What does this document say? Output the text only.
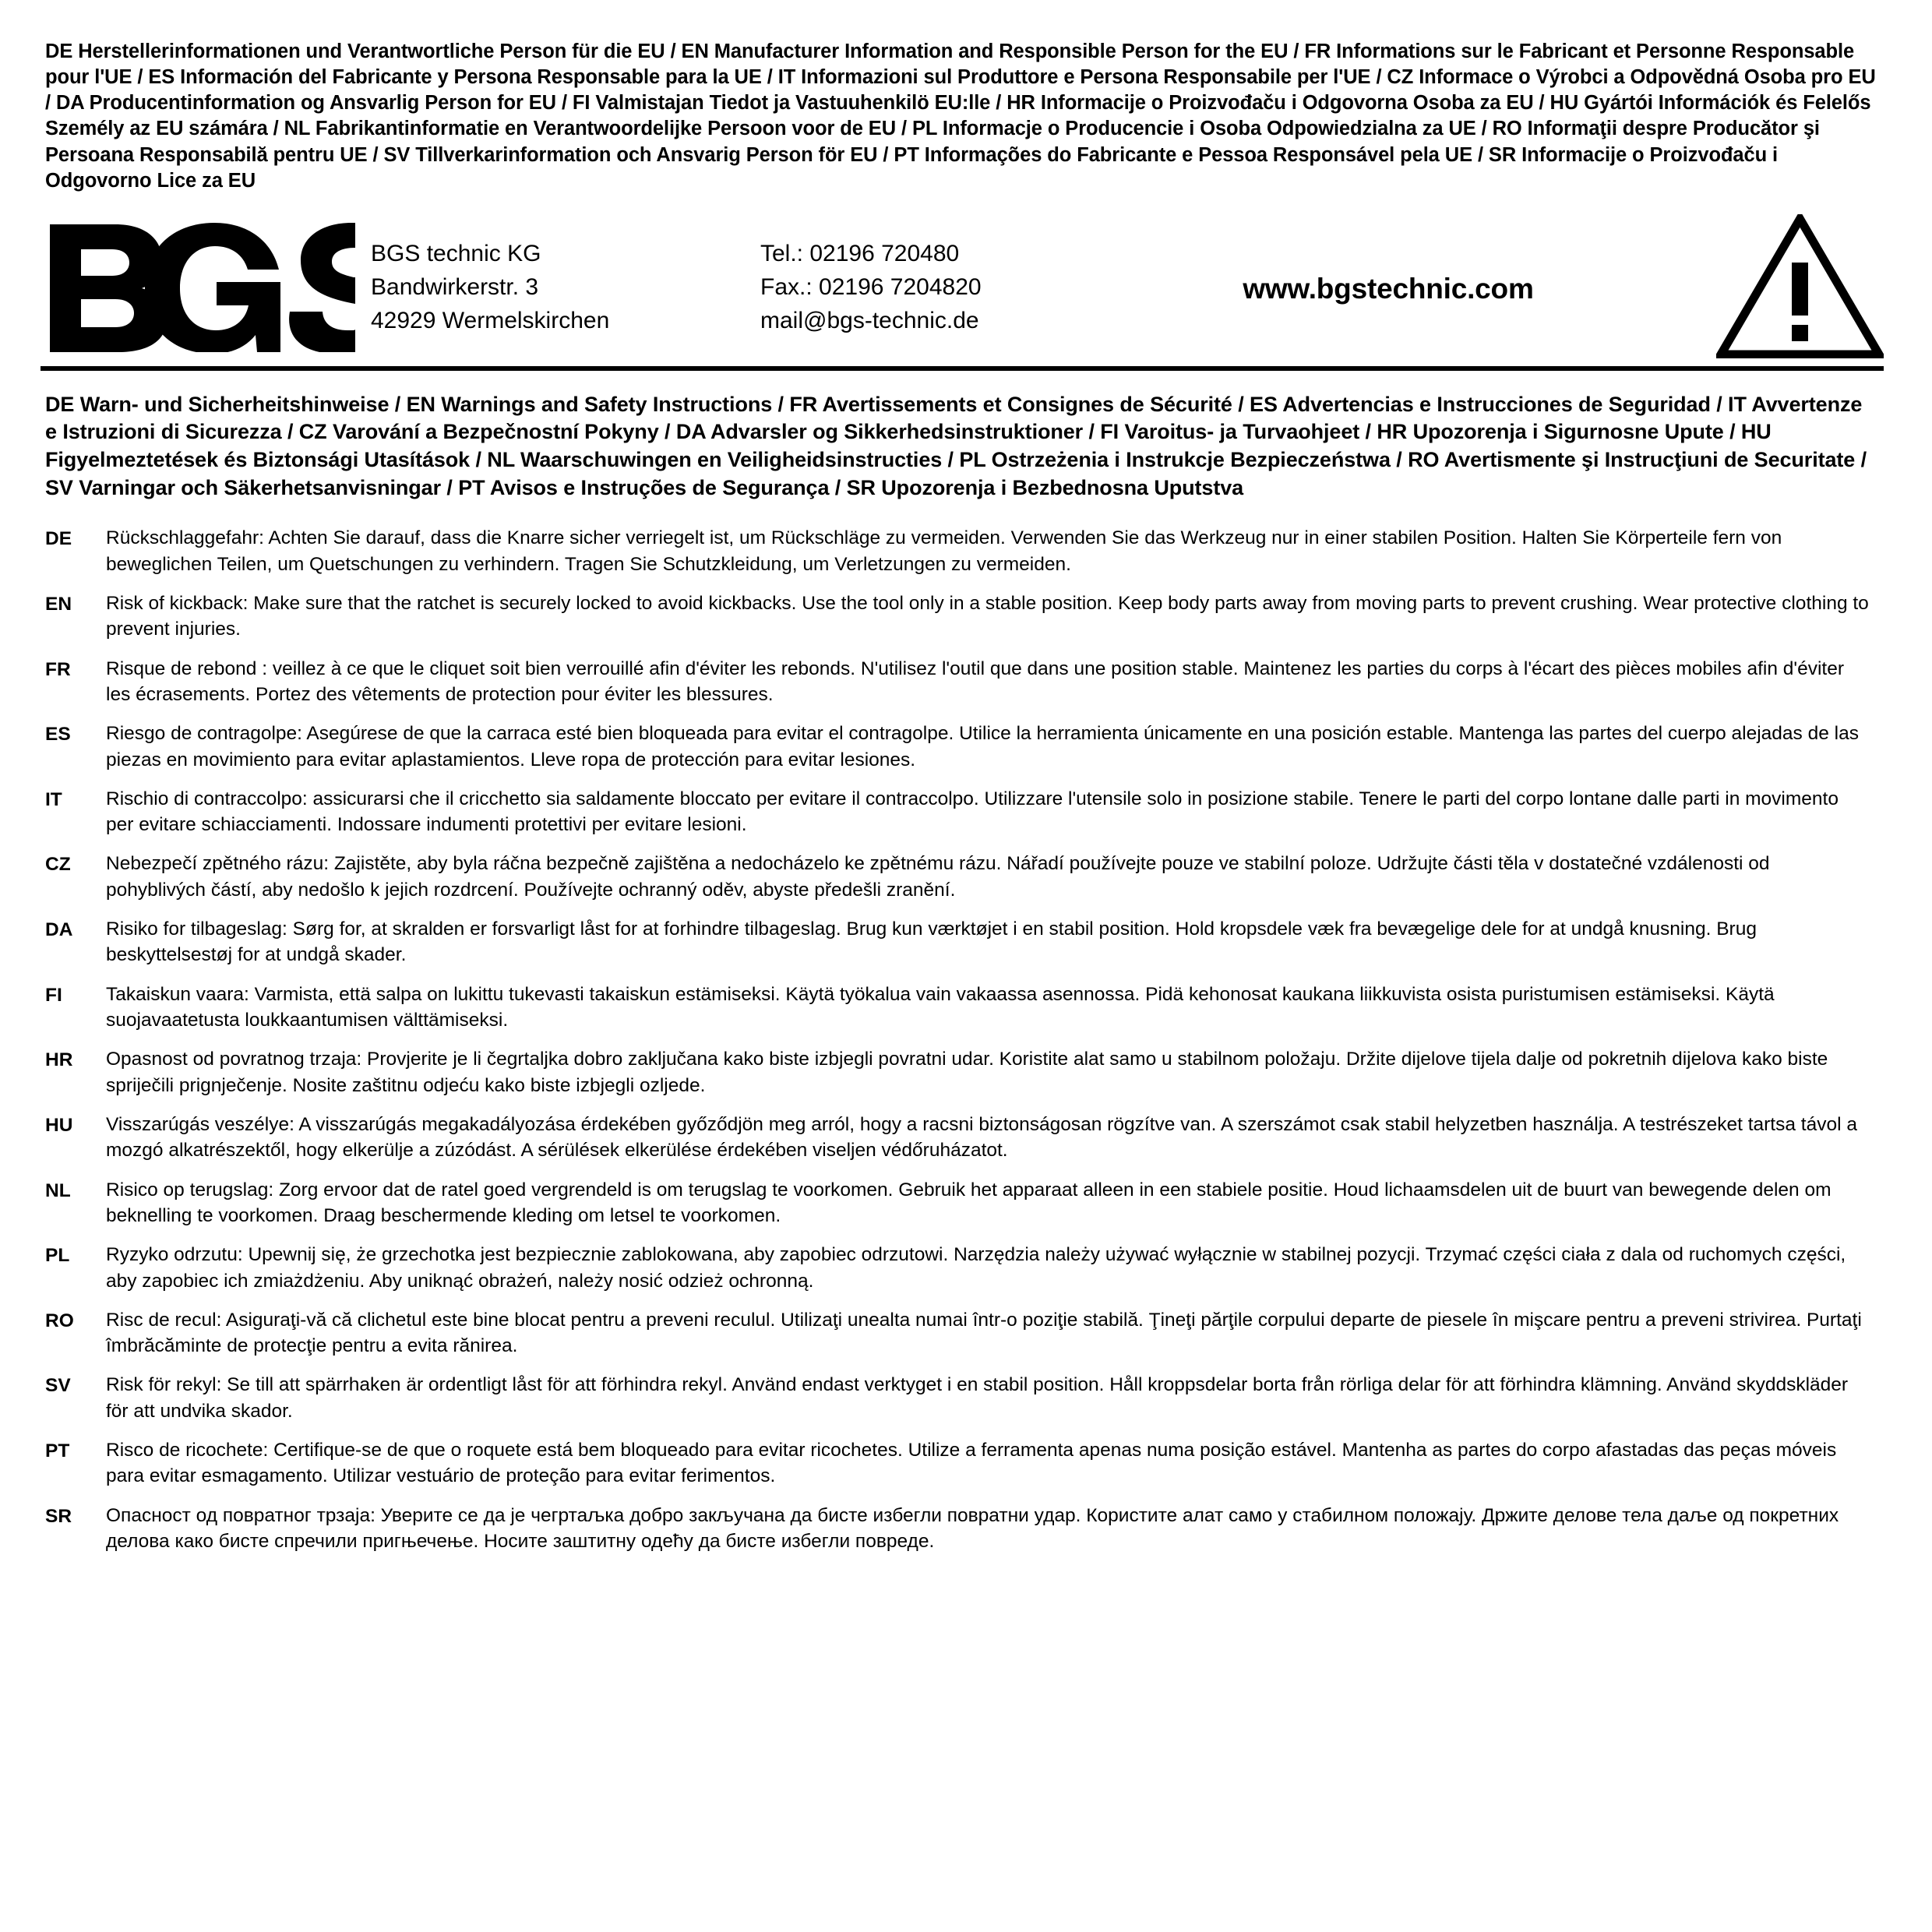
DE Herstellerinformationen und Verantwortliche Person für die EU / EN Manufacturer Information and Responsible Person for the EU / FR Informations sur le Fabricant et Personne Responsable pour l'UE / ES Información del Fabricante y Persona Responsable para la UE / IT Informazioni sul Produttore e Persona Responsabile per l'UE / CZ Informace o Výrobci a Odpovědná Osoba pro EU / DA Producentinformation og Ansvarlig Person for EU / FI Valmistajan Tiedot ja Vastuuhenkilö EU:lle / HR Informacije o Proizvođaču i Odgovorna Osoba za EU / HU Gyártói Információk és Felelős Személy az EU számára / NL Fabrikantinformatie en Verantwoordelijke Persoon voor de EU / PL Informacje o Producencie i Osoba Odpowiedzialna za UE / RO Informaţii despre Producător şi Persoana Responsabilă pentru UE / SV Tillverkarinformation och Ansvarig Person för EU / PT Informações do Fabricante e Pessoa Responsável pela UE / SR Informacije o Proizvođaču i Odgovorno Lice za EU
BGS technic KG
Bandwirkerstr. 3
42929 Wermelskirchen
Tel.: 02196 720480
Fax.: 02196 7204820
mail@bgs-technic.de
www.bgstechnic.com
DE Warn- und Sicherheitshinweise / EN Warnings and Safety Instructions / FR Avertissements et Consignes de Sécurité / ES Advertencias e Instrucciones de Seguridad / IT Avvertenze e Istruzioni di Sicurezza / CZ Varování a Bezpečnostní Pokyny / DA Advarsler og Sikkerhedsinstruktioner / FI Varoitus- ja Turvaohjeet / HR Upozorenja i Sigurnosne Upute / HU Figyelmeztetések és Biztonsági Utasítások / NL Waarschuwingen en Veiligheidsinstructies / PL Ostrzeżenia i Instrukcje Bezpieczeństwa / RO Avertismente şi Instrucţiuni de Securitate / SV Varningar och Säkerhetsanvisningar / PT Avisos e Instruções de Segurança / SR Upozorenja i Bezbednosna Uputstva
DE	Rückschlaggefahr: Achten Sie darauf, dass die Knarre sicher verriegelt ist, um Rückschläge zu vermeiden. Verwenden Sie das Werkzeug nur in einer stabilen Position. Halten Sie Körperteile fern von beweglichen Teilen, um Quetschungen zu verhindern. Tragen Sie Schutzkleidung, um Verletzungen zu vermeiden.
EN	Risk of kickback: Make sure that the ratchet is securely locked to avoid kickbacks. Use the tool only in a stable position. Keep body parts away from moving parts to prevent crushing. Wear protective clothing to prevent injuries.
FR	Risque de rebond : veillez à ce que le cliquet soit bien verrouillé afin d'éviter les rebonds. N'utilisez l'outil que dans une position stable. Maintenez les parties du corps à l'écart des pièces mobiles afin d'éviter les écrasements. Portez des vêtements de protection pour éviter les blessures.
ES	Riesgo de contragolpe: Asegúrese de que la carraca esté bien bloqueada para evitar el contragolpe. Utilice la herramienta únicamente en una posición estable. Mantenga las partes del cuerpo alejadas de las piezas en movimiento para evitar aplastamientos. Lleve ropa de protección para evitar lesiones.
IT	Rischio di contraccolpo: assicurarsi che il cricchetto sia saldamente bloccato per evitare il contraccolpo. Utilizzare l'utensile solo in posizione stabile. Tenere le parti del corpo lontane dalle parti in movimento per evitare schiacciamenti. Indossare indumenti protettivi per evitare lesioni.
CZ	Nebezpečí zpětného rázu: Zajistěte, aby byla ráčna bezpečně zajištěna a nedocházelo ke zpětnému rázu. Nářadí používejte pouze ve stabilní poloze. Udržujte části těla v dostatečné vzdálenosti od pohyblivých částí, aby nedošlo k jejich rozdrcení. Používejte ochranný oděv, abyste předešli zranění.
DA	Risiko for tilbageslag: Sørg for, at skralden er forsvarligt låst for at forhindre tilbageslag. Brug kun værktøjet i en stabil position. Hold kropsdele væk fra bevægelige dele for at undgå knusning. Brug beskyttelsestøj for at undgå skader.
FI	Takaiskun vaara: Varmista, että salpa on lukittu tukevasti takaiskun estämiseksi. Käytä työkalua vain vakaassa asennossa. Pidä kehonosat kaukana liikkuvista osista puristumisen estämiseksi. Käytä suojavaatetusta loukkaantumisen välttämiseksi.
HR	Opasnost od povratnog trzaja: Provjerite je li čegrtaljka dobro zaključana kako biste izbjegli povratni udar. Koristite alat samo u stabilnom položaju. Držite dijelove tijela dalje od pokretnih dijelova kako biste spriječili prignječenje. Nosite zaštitnu odjeću kako biste izbjegli ozljede.
HU	Visszarúgás veszélye: A visszarúgás megakadályozása érdekében győződjön meg arról, hogy a racsni biztonságosan rögzítve van. A szerszámot csak stabil helyzetben használja. A testrészeket tartsa távol a mozgó alkatrészektől, hogy elkerülje a zúzódást. A sérülések elkerülése érdekében viseljen védőruházatot.
NL	Risico op terugslag: Zorg ervoor dat de ratel goed vergrendeld is om terugslag te voorkomen. Gebruik het apparaat alleen in een stabiele positie. Houd lichaamsdelen uit de buurt van bewegende delen om beknelling te voorkomen. Draag beschermende kleding om letsel te voorkomen.
PL	Ryzyko odrzutu: Upewnij się, że grzechotka jest bezpiecznie zablokowana, aby zapobiec odrzutowi. Narzędzia należy używać wyłącznie w stabilnej pozycji. Trzymać części ciała z dala od ruchomych części, aby zapobiec ich zmiażdżeniu. Aby uniknąć obrażeń, należy nosić odzież ochronną.
RO	Risc de recul: Asiguraţi-vă că clichetul este bine blocat pentru a preveni reculul. Utilizaţi unealta numai într-o poziţie stabilă. Ţineţi părţile corpului departe de piesele în mişcare pentru a preveni strivirea. Purtaţi îmbrăcăminte de protecţie pentru a evita rănirea.
SV	Risk för rekyl: Se till att spärrhaken är ordentligt låst för att förhindra rekyl. Använd endast verktyget i en stabil position. Håll kroppsdelar borta från rörliga delar för att förhindra klämning. Använd skyddskläder för att undvika skador.
PT	Risco de ricochete: Certifique-se de que o roquete está bem bloqueado para evitar ricochetes. Utilize a ferramenta apenas numa posição estável. Mantenha as partes do corpo afastadas das peças móveis para evitar esmagamento. Utilizar vestuário de proteção para evitar ferimentos.
SR	Опасност од повратног трзаја: Уверите се да је чегртаљка добро закључана да бисте избегли повратни удар. Користите алат само у стабилном положају. Држите делове тела даље од покретних делова како бисте спречили пригњечење. Носите заштитну одећу да бисте избегли повреде.
